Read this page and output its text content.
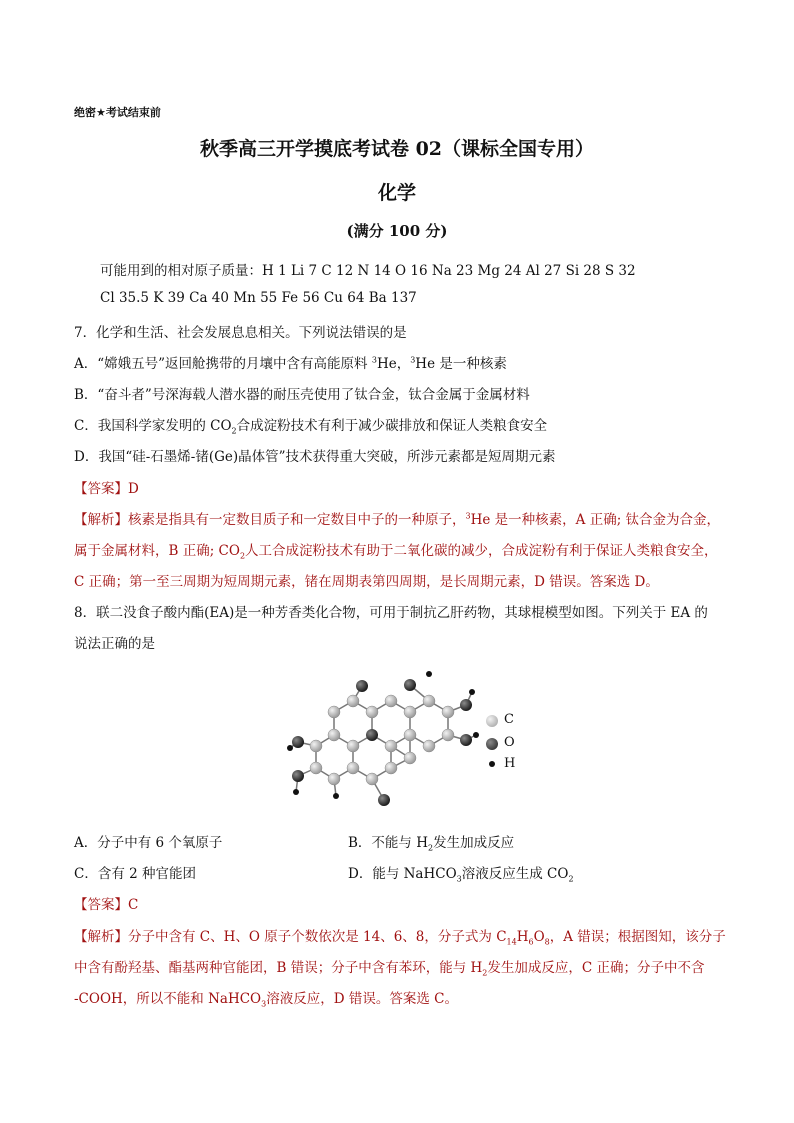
绝密★考试结束前
秋季高三开学摸底考试卷 02（课标全国专用）
化学
(满分 100 分)
可能用到的相对原子质量：H 1 Li 7 C 12 N 14 O 16 Na 23 Mg 24 Al 27 Si 28 S 32
Cl 35.5 K 39 Ca 40 Mn 55 Fe 56 Cu 64 Ba 137
7．化学和生活、社会发展息息相关。下列说法错误的是
A．“嫦娥五号”返回舱携带的月壤中含有高能原料 $^3$He，$^3$He 是一种核素
B．“奋斗者”号深海载人潜水器的耐压壳使用了钛合金，钛合金属于金属材料
C．我国科学家发明的 $CO_2$合成淀粉技术有利于减少碳排放和保证人类粮食安全
D．我国“硅-石墨烯-锗(Ge)晶体管”技术获得重大突破，所涉元素都是短周期元素
【答案】D
【解析】核素是指具有一定数目质子和一定数目中子的一种原子，$^3$He 是一种核素，A 正确; 钛合金为合金，
属于金属材料，B 正确; $CO_2$人工合成淀粉技术有助于二氧化碳的减少，合成淀粉有利于保证人类粮食安全，
C 正确；第一至三周期为短周期元素，锗在周期表第四周期，是长周期元素，D 错误。答案选 D。
8．联二没食子酸内酯(EA)是一种芳香类化合物，可用于制抗乙肝药物，其球棍模型如图。下列关于 EA 的
说法正确的是
C
O
H
A．分子中有 6 个氧原子	B．不能与 $H_2$发生加成反应
C．含有 2 种官能团	D．能与 NaHCO$_3$溶液反应生成 $CO_2$
【答案】C
【解析】分子中含有 C、H、O 原子个数依次是 14、6、8，分子式为 $C_{14}H_6O_8$，A 错误；根据图知，该分子
中含有酚羟基、酯基两种官能团，B 错误；分子中含有苯环，能与 $H_2$发生加成反应，C 正确；分子中不含
-COOH，所以不能和 NaHCO$_3$溶液反应，D 错误。答案选 C。
